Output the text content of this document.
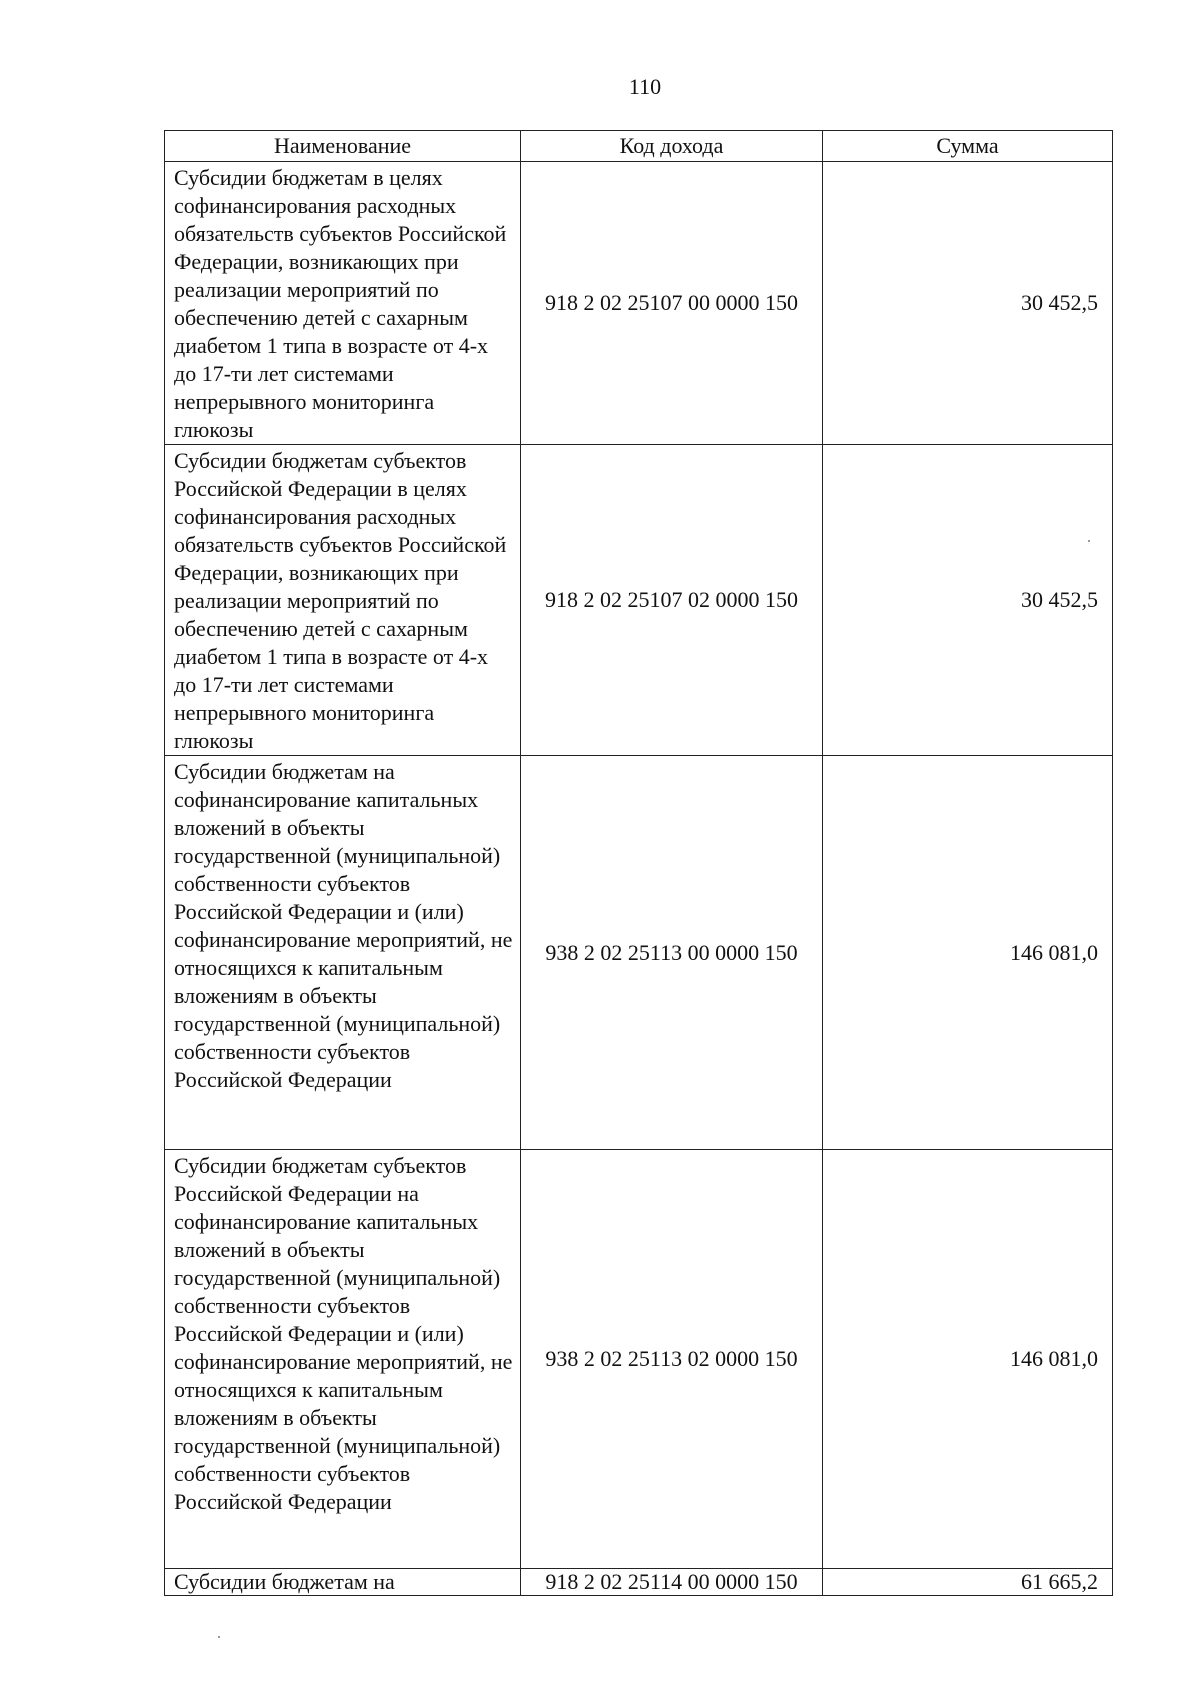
110
Наименование	Код дохода	Сумма
Субсидии бюджетам в целях софинансирования расходных обязательств субъектов Российской Федерации, возникающих при реализации мероприятий по обеспечению детей с сахарным диабетом 1 типа в возрасте от 4-х до 17-ти лет системами непрерывного мониторинга глюкозы	918 2 02 25107 00 0000 150	30 452,5
Субсидии бюджетам субъектов Российской Федерации в целях софинансирования расходных обязательств субъектов Российской Федерации, возникающих при реализации мероприятий по обеспечению детей с сахарным диабетом 1 типа в возрасте от 4-х до 17-ти лет системами непрерывного мониторинга глюкозы	918 2 02 25107 02 0000 150	30 452,5
Субсидии бюджетам на софинансирование капитальных вложений в объекты государственной (муниципальной) собственности субъектов Российской Федерации и (или) софинансирование мероприятий, не относящихся к капитальным вложениям в объекты государственной (муниципальной) собственности субъектов Российской Федерации	938 2 02 25113 00 0000 150	146 081,0
Субсидии бюджетам субъектов Российской Федерации на софинансирование капитальных вложений в объекты государственной (муниципальной) собственности субъектов Российской Федерации и (или) софинансирование мероприятий, не относящихся к капитальным вложениям в объекты государственной (муниципальной) собственности субъектов Российской Федерации	938 2 02 25113 02 0000 150	146 081,0
Субсидии бюджетам на	918 2 02 25114 00 0000 150	61 665,2
